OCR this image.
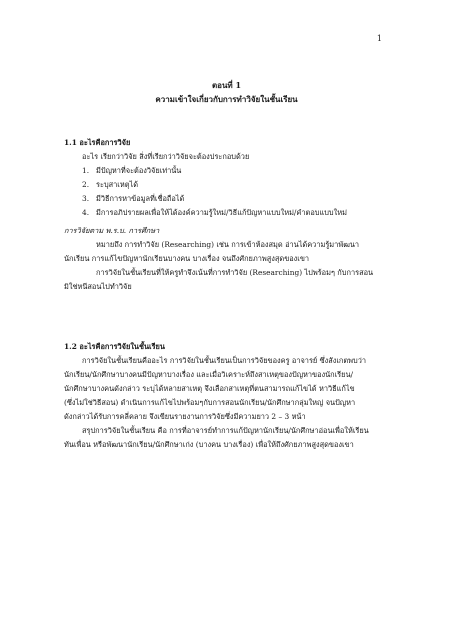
1
ตอนที่ 1
ความเข้าใจเกี่ยวกับการทำวิจัยในชั้นเรียน
1.1 อะไรคือการวิจัย
อะไร เรียกว่าวิจัย สิ่งที่เรียกว่าวิจัยจะต้องประกอบด้วย
1. มีปัญหาที่จะต้องวิจัยเท่านั้น
2. ระบุสาเหตุได้
3. มีวิธีการหาข้อมูลที่เชื่อถือได้
4. มีการอภิปรายผลเพื่อให้ได้องค์ความรู้ใหม่/วิธีแก้ปัญหาแบบใหม่/คำตอบแบบใหม่
การวิจัยตาม พ.ร.บ. การศึกษา
หมายถึง การทำวิจัย (Researching) เช่น การเข้าห้องสมุด อ่านได้ความรู้มาพัฒนา
นักเรียน การแก้ไขปัญหานักเรียนบางคน บางเรื่อง จนถึงศักยภาพสูงสุดของเขา
การวิจัยในชั้นเรียนที่ให้ครูทำจึงเน้นที่การทำวิจัย (Researching) ไปพร้อมๆ กับการสอน
มิใช่หนีสอนไปทำวิจัย
1.2 อะไรคือการวิจัยในชั้นเรียน
การวิจัยในชั้นเรียนคืออะไร การวิจัยในชั้นเรียนเป็นการวิจัยของครู อาจารย์ ซึ่งสังเกตพบว่า
นักเรียน/นักศึกษาบางคนมีปัญหาบางเรื่อง และเมื่อวิเคราะห์ถึงสาเหตุของปัญหาของนักเรียน/
นักศึกษาบางคนดังกล่าว ระบุได้หลายสาเหตุ จึงเลือกสาเหตุที่ตนสามารถแก้ไขได้ หาวิธีแก้ไข
(ซึ่งไม่ใช่วิธีสอน) ดำเนินการแก้ไขไปพร้อมๆกับการสอนนักเรียน/นักศึกษากลุ่มใหญ่ จนปัญหา
ดังกล่าวได้รับการคลี่คลาย จึงเขียนรายงานการวิจัยซึ่งมีความยาว 2 – 3 หน้า
สรุปการวิจัยในชั้นเรียน คือ การที่อาจารย์ทำการแก้ปัญหานักเรียน/นักศึกษาอ่อนเพื่อให้เรียน
ทันเพื่อน หรือพัฒนานักเรียน/นักศึกษาเก่ง (บางคน บางเรื่อง) เพื่อให้ถึงศักยภาพสูงสุดของเขา
